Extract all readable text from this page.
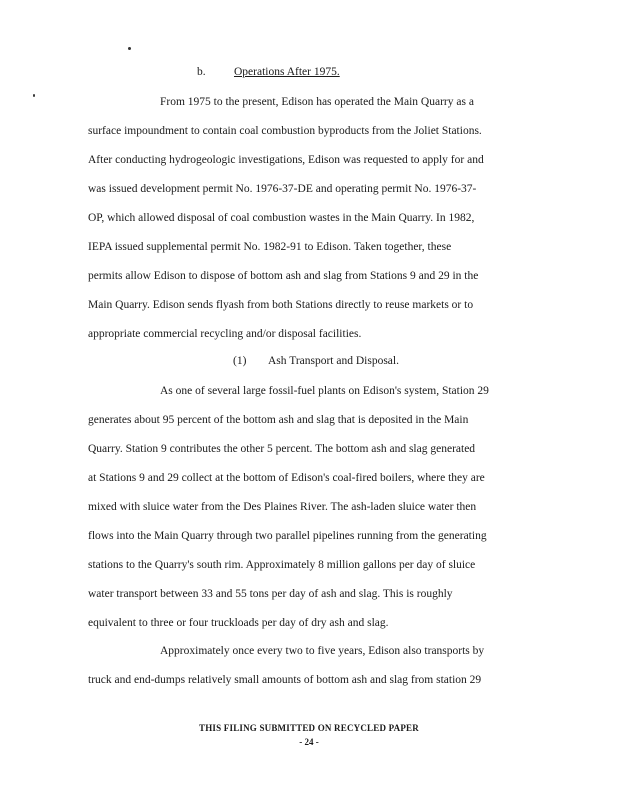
b. Operations After 1975.
From 1975 to the present, Edison has operated the Main Quarry as a
surface impoundment to contain coal combustion byproducts from the Joliet Stations.
After conducting hydrogeologic investigations, Edison was requested to apply for and
was issued development permit No. 1976-37-DE and operating permit No. 1976-37-
OP, which allowed disposal of coal combustion wastes in the Main Quarry. In 1982,
IEPA issued supplemental permit No. 1982-91 to Edison. Taken together, these
permits allow Edison to dispose of bottom ash and slag from Stations 9 and 29 in the
Main Quarry. Edison sends flyash from both Stations directly to reuse markets or to
appropriate commercial recycling and/or disposal facilities.
(1) Ash Transport and Disposal.
As one of several large fossil-fuel plants on Edison's system, Station 29
generates about 95 percent of the bottom ash and slag that is deposited in the Main
Quarry. Station 9 contributes the other 5 percent. The bottom ash and slag generated
at Stations 9 and 29 collect at the bottom of Edison's coal-fired boilers, where they are
mixed with sluice water from the Des Plaines River. The ash-laden sluice water then
flows into the Main Quarry through two parallel pipelines running from the generating
stations to the Quarry's south rim. Approximately 8 million gallons per day of sluice
water transport between 33 and 55 tons per day of ash and slag. This is roughly
equivalent to three or four truckloads per day of dry ash and slag.
Approximately once every two to five years, Edison also transports by
truck and end-dumps relatively small amounts of bottom ash and slag from station 29
THIS FILING SUBMITTED ON RECYCLED PAPER
- 24 -
